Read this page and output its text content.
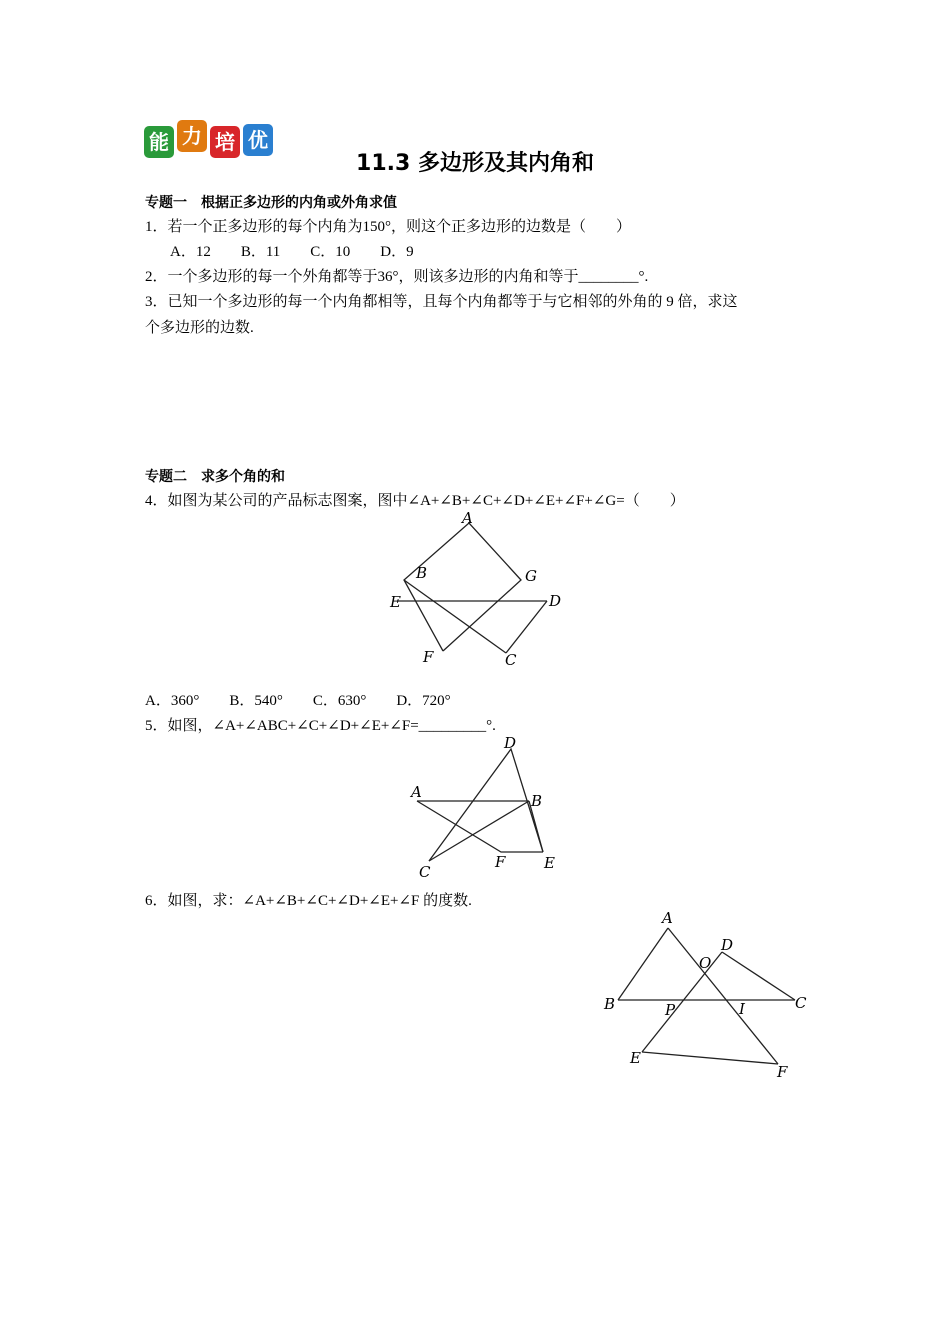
能 力 培 优
11.3 多边形及其内角和
专题一　根据正多边形的内角或外角求值
1．若一个正多边形的每个内角为150°，则这个正多边形的边数是（　　）
A．12　　B．11　　C．10　　D．9
2．一个多边形的每一个外角都等于36°，则该多边形的内角和等于________°.
3．已知一个多边形的每一个内角都相等，且每个内角都等于与它相邻的外角的 9 倍，求这
个多边形的边数.
专题二　求多个角的和
4．如图为某公司的产品标志图案，图中∠A+∠B+∠C+∠D+∠E+∠F+∠G=（　　）
A
B	G
E	D
F	C
A．360°　　B．540°　　C．630°　　D．720°
5．如图，∠A+∠ABC+∠C+∠D+∠E+∠F=_________°.
D
A	B
C
F	E
6．如图，求：∠A+∠B+∠C+∠D+∠E+∠F 的度数.
A
D
O
B	P	I	C
E
F
